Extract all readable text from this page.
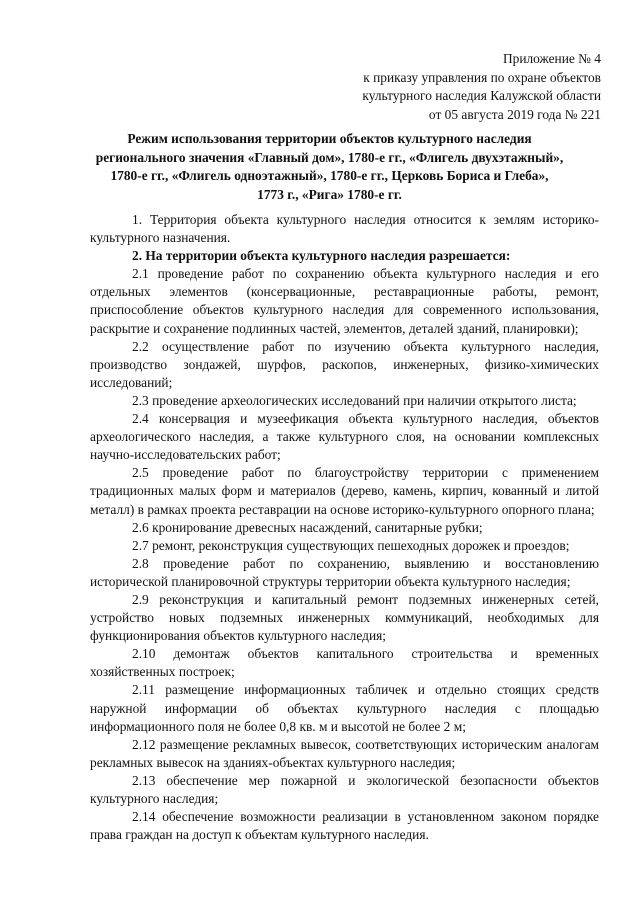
Приложение № 4
к приказу управления по охране объектов
культурного наследия Калужской области
от 05 августа 2019 года № 221
Режим использования территории объектов культурного наследия
регионального значения «Главный дом», 1780-е гг., «Флигель двухэтажный»,
1780-е гг., «Флигель одноэтажный», 1780-е гг., Церковь Бориса и Глеба»,
1773 г., «Рига» 1780-е гг.

1. Территория объекта культурного наследия относится к землям историко-культурного назначения.

2. На территории объекта культурного наследия разрешается:

2.1 проведение работ по сохранению объекта культурного наследия и его отдельных элементов (консервационные, реставрационные работы, ремонт, приспособление объектов культурного наследия для современного использования, раскрытие и сохранение подлинных частей, элементов, деталей зданий, планировки);

2.2 осуществление работ по изучению объекта культурного наследия, производство зондажей, шурфов, раскопов, инженерных, физико-химических исследований;

2.3 проведение археологических исследований при наличии открытого листа;

2.4 консервация и музеефикация объекта культурного наследия, объектов археологического наследия, а также культурного слоя, на основании комплексных научно-исследовательских работ;

2.5 проведение работ по благоустройству территории с применением традиционных малых форм и материалов (дерево, камень, кирпич, кованный и литой металл) в рамках проекта реставрации на основе историко-культурного опорного плана;

2.6 кронирование древесных насаждений, санитарные рубки;

2.7 ремонт, реконструкция существующих пешеходных дорожек и проездов;

2.8 проведение работ по сохранению, выявлению и восстановлению исторической планировочной структуры территории объекта культурного наследия;

2.9 реконструкция и капитальный ремонт подземных инженерных сетей, устройство новых подземных инженерных коммуникаций, необходимых для функционирования объектов культурного наследия;

2.10 демонтаж объектов капитального строительства и временных хозяйственных построек;

2.11 размещение информационных табличек и отдельно стоящих средств наружной информации об объектах культурного наследия с площадью информационного поля не более 0,8 кв. м и высотой не более 2 м;

2.12 размещение рекламных вывесок, соответствующих историческим аналогам рекламных вывесок на зданиях-объектах культурного наследия;

2.13 обеспечение мер пожарной и экологической безопасности объектов культурного наследия;

2.14 обеспечение возможности реализации в установленном законом порядке права граждан на доступ к объектам культурного наследия.
